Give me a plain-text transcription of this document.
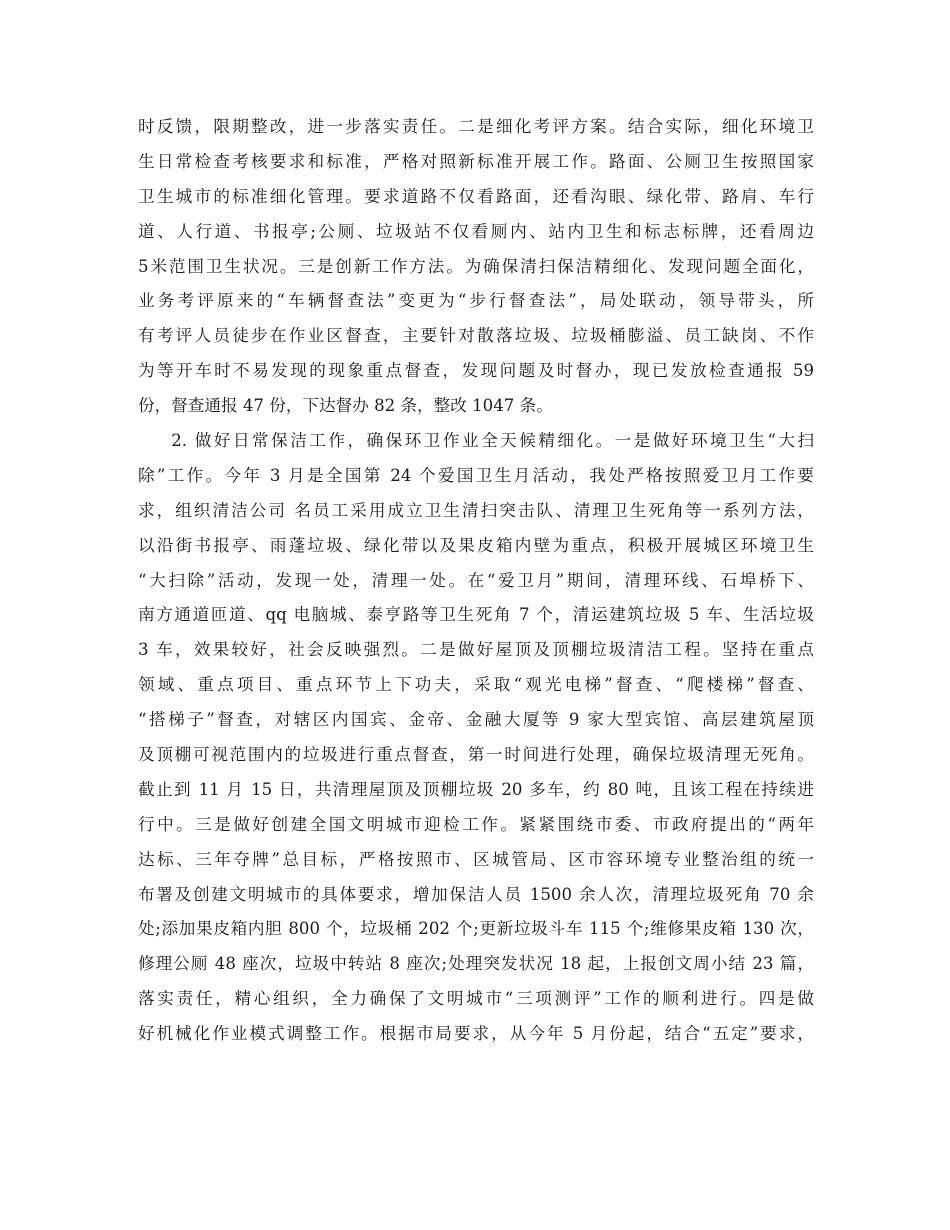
时反馈，限期整改，进一步落实责任。二是细化考评方案。结合实际，细化环境卫
生日常检查考核要求和标准，严格对照新标准开展工作。路面、公厕卫生按照国家
卫生城市的标准细化管理。要求道路不仅看路面，还看沟眼、绿化带、路肩、车行
道、人行道、书报亭;公厕、垃圾站不仅看厕内、站内卫生和标志标牌，还看周边
5米范围卫生状况。三是创新工作方法。为确保清扫保洁精细化、发现问题全面化，
业务考评原来的“车辆督查法”变更为“步行督查法”，局处联动，领导带头，所
有考评人员徒步在作业区督查，主要针对散落垃圾、垃圾桶膨溢、员工缺岗、不作
为等开车时不易发现的现象重点督查，发现问题及时督办，现已发放检查通报 59
份，督查通报 47 份，下达督办 82 条，整改 1047 条。
2. 做好日常保洁工作，确保环卫作业全天候精细化。一是做好环境卫生“大扫
除”工作。今年 3 月是全国第 24 个爱国卫生月活动，我处严格按照爱卫月工作要
求，组织清洁公司 名员工采用成立卫生清扫突击队、清理卫生死角等一系列方法，
以沿街书报亭、雨蓬垃圾、绿化带以及果皮箱内壁为重点，积极开展城区环境卫生
“大扫除”活动，发现一处，清理一处。在“爱卫月”期间，清理环线、石埠桥下、
南方通道匝道、qq 电脑城、泰亨路等卫生死角 7 个，清运建筑垃圾 5 车、生活垃圾
3 车，效果较好，社会反映强烈。二是做好屋顶及顶棚垃圾清洁工程。坚持在重点
领域、重点项目、重点环节上下功夫，采取“观光电梯”督查、“爬楼梯”督查、
“搭梯子”督查，对辖区内国宾、金帝、金融大厦等 9 家大型宾馆、高层建筑屋顶
及顶棚可视范围内的垃圾进行重点督查，第一时间进行处理，确保垃圾清理无死角。
截止到 11 月 15 日，共清理屋顶及顶棚垃圾 20 多车，约 80 吨，且该工程在持续进
行中。三是做好创建全国文明城市迎检工作。紧紧围绕市委、市政府提出的“两年
达标、三年夺牌”总目标，严格按照市、区城管局、区市容环境专业整治组的统一
布署及创建文明城市的具体要求，增加保洁人员 1500 余人次，清理垃圾死角 70 余
处;添加果皮箱内胆 800 个，垃圾桶 202 个;更新垃圾斗车 115 个;维修果皮箱 130 次，
修理公厕 48 座次，垃圾中转站 8 座次;处理突发状况 18 起，上报创文周小结 23 篇，
落实责任，精心组织，全力确保了文明城市“三项测评”工作的顺利进行。四是做
好机械化作业模式调整工作。根据市局要求，从今年 5 月份起，结合“五定”要求，
